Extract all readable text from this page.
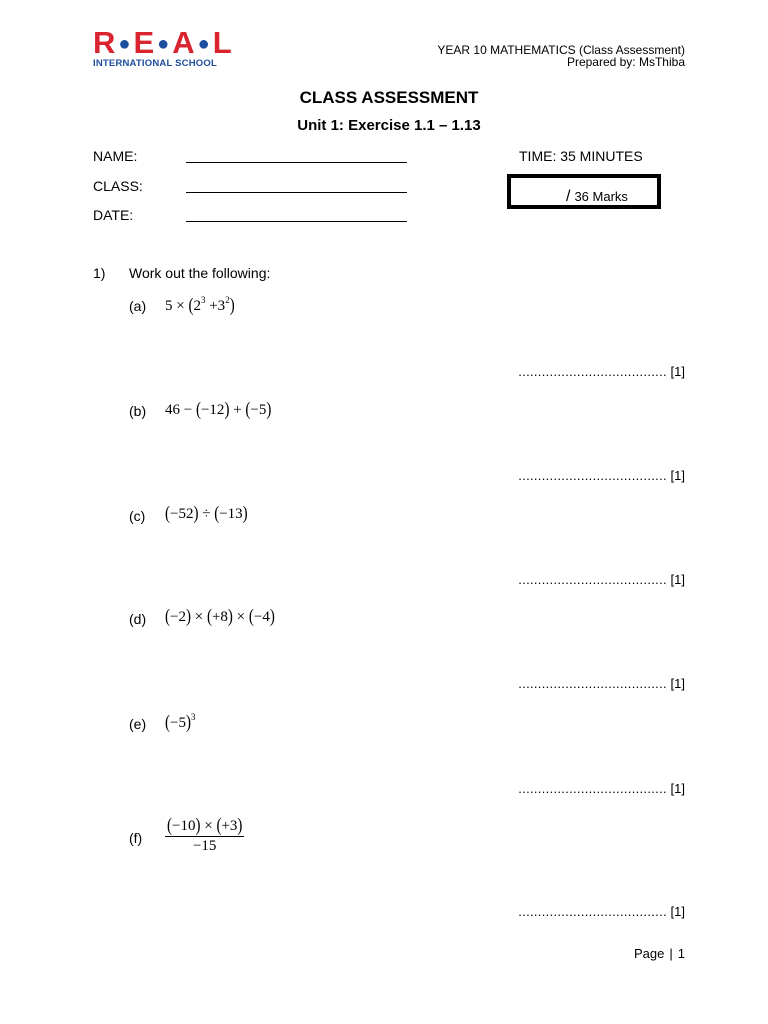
R ●E ●A ●L
INTERNATIONAL SCHOOL
YEAR 10 MATHEMATICS (Class Assessment)
Prepared by: MsThiba
CLASS ASSESSMENT
Unit 1: Exercise 1.1 – 1.13
NAME:
CLASS:
DATE:
TIME: 35 MINUTES
/ 36 Marks
1) Work out the following:
(a) $5 \times (2^3 +3^2)$
...................................... [1]
(b) 46 − (−12) + (−5)
...................................... [1]
(c) (−52) ÷ (−13)
...................................... [1]
(d) (−2) × (+8) × (−4)
...................................... [1]
(e) $(-5)^3$
...................................... [1]
$(f) \frac{(-10) \times (+3)}{-15}$
...................................... [1]
Page | 1
